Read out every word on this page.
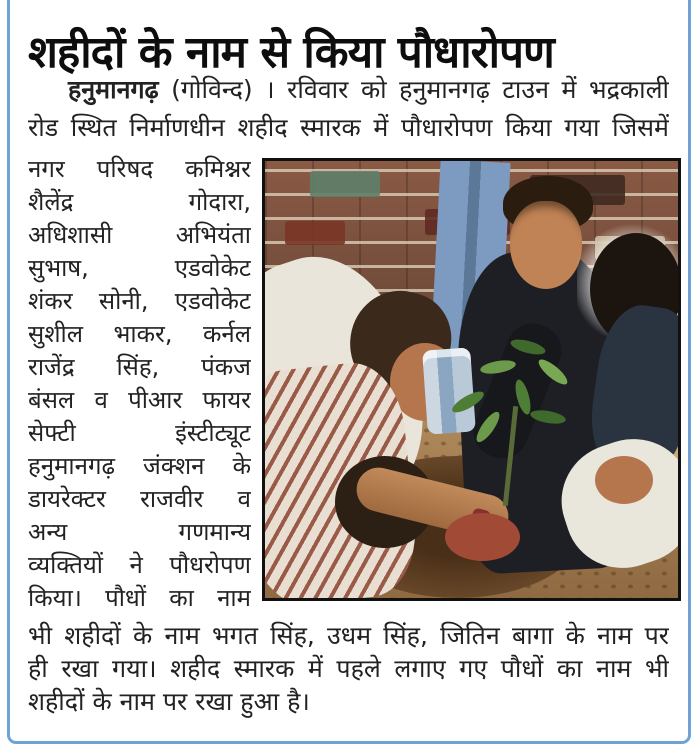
शहीदों के नाम से किया पौधारोपण
हनुमानगढ़ (गोविन्द) । रविवार को हनुमानगढ़ टाउन में भद्रकाली
रोड स्थित निर्माणधीन शहीद स्मारक में पौधारोपण किया गया जिसमें
नगर परिषद कमिश्नर
शैलेंद्र गोदारा,
अधिशासी अभियंता
सुभाष, एडवोकेट
शंकर सोनी, एडवोकेट
सुशील भाकर, कर्नल
राजेंद्र सिंह, पंकज
बंसल व पीआर फायर
सेफ्टी इंस्टीट्यूट
हनुमानगढ़ जंक्शन के
डायरेक्टर राजवीर व
अन्य गणमान्य
व्यक्तियों ने पौधरोपण
किया। पौधों का नाम
भी शहीदों के नाम भगत सिंह, उधम सिंह, जितिन बागा के नाम पर
ही रखा गया। शहीद स्मारक में पहले लगाए गए पौधों का नाम भी
शहीदों के नाम पर रखा हुआ है।
